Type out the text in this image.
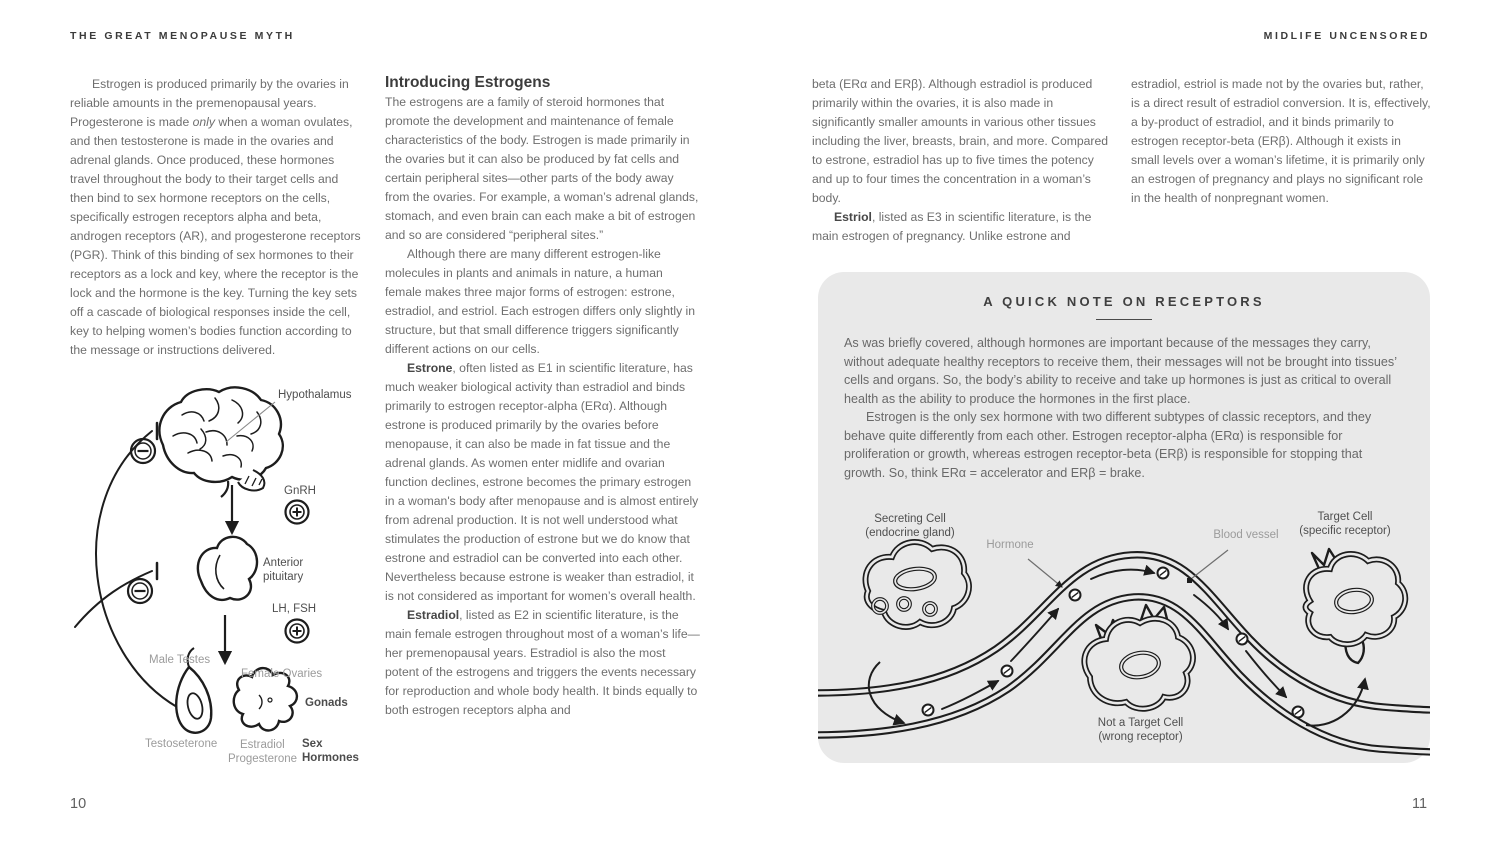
THE GREAT MENOPAUSE MYTH	MIDLIFE UNCENSORED

Estrogen is produced primarily by the ovaries in reliable amounts in the premenopausal years. Progesterone is made only when a woman ovulates, and then testosterone is made in the ovaries and adrenal glands. Once produced, these hormones travel throughout the body to their target cells and then bind to sex hormone receptors on the cells, specifically estrogen receptors alpha and beta, androgen receptors (AR), and progesterone receptors (PGR). Think of this binding of sex hormones to their receptors as a lock and key, where the receptor is the lock and the hormone is the key. Turning the key sets off a cascade of biological responses inside the cell, key to helping women’s bodies function according to the message or instructions delivered.

Hypothalamus
GnRH
Anterior
pituitary
LH, FSH
Male Testes
Female Ovaries
Gonads
Testoseterone Estradiol
Progesterone
Sex
Hormones

Introducing Estrogens

The estrogens are a family of steroid hormones that promote the development and maintenance of female characteristics of the body. Estrogen is made primarily in the ovaries but it can also be produced by fat cells and certain peripheral sites—other parts of the body away from the ovaries. For example, a woman’s adrenal glands, stomach, and even brain can each make a bit of estrogen and so are considered “peripheral sites.”

Although there are many different estrogen-like molecules in plants and animals in nature, a human female makes three major forms of estrogen: estrone, estradiol, and estriol. Each estrogen differs only slightly in structure, but that small difference triggers significantly different actions on our cells.

Estrone, often listed as E1 in scientific literature, has much weaker biological activity than estradiol and binds primarily to estrogen receptor-alpha (ERα). Although estrone is produced primarily by the ovaries before menopause, it can also be made in fat tissue and the adrenal glands. As women enter midlife and ovarian function declines, estrone becomes the primary estrogen in a woman's body after menopause and is almost entirely from adrenal production. It is not well understood what stimulates the production of estrone but we do know that estrone and estradiol can be converted into each other. Nevertheless because estrone is weaker than estradiol, it is not considered as important for women’s overall health.

Estradiol, listed as E2 in scientific literature, is the main female estrogen throughout most of a woman’s life—her premenopausal years. Estradiol is also the most potent of the estrogens and triggers the events necessary for reproduction and whole body health. It binds equally to both estrogen receptors alpha and

beta (ERα and ERβ). Although estradiol is produced primarily within the ovaries, it is also made in significantly smaller amounts in various other tissues including the liver, breasts, brain, and more. Compared to estrone, estradiol has up to five times the potency and up to four times the concentration in a woman’s body.

Estriol, listed as E3 in scientific literature, is the main estrogen of pregnancy. Unlike estrone and

estradiol, estriol is made not by the ovaries but, rather, is a direct result of estradiol conversion. It is, effectively, a by-product of estradiol, and it binds primarily to estrogen receptor-beta (ERβ). Although it exists in small levels over a woman’s lifetime, it is primarily only an estrogen of pregnancy and plays no significant role in the health of nonpregnant women.

A QUICK NOTE ON RECEPTORS

As was briefly covered, although hormones are important because of the messages they carry, without adequate healthy receptors to receive them, their messages will not be brought into tissues’ cells and organs. So, the body’s ability to receive and take up hormones is just as critical to overall health as the ability to produce the hormones in the first place.

Estrogen is the only sex hormone with two different subtypes of classic receptors, and they behave quite differently from each other. Estrogen receptor-alpha (ERα) is responsible for proliferation or growth, whereas estrogen receptor-beta (ERβ) is responsible for stopping that growth. So, think ERα = accelerator and ERβ = brake.

Secreting Cell
(endocrine gland)
Hormone
Blood vessel
Target Cell
(specific receptor)
Not a Target Cell
(wrong receptor)
10	11
